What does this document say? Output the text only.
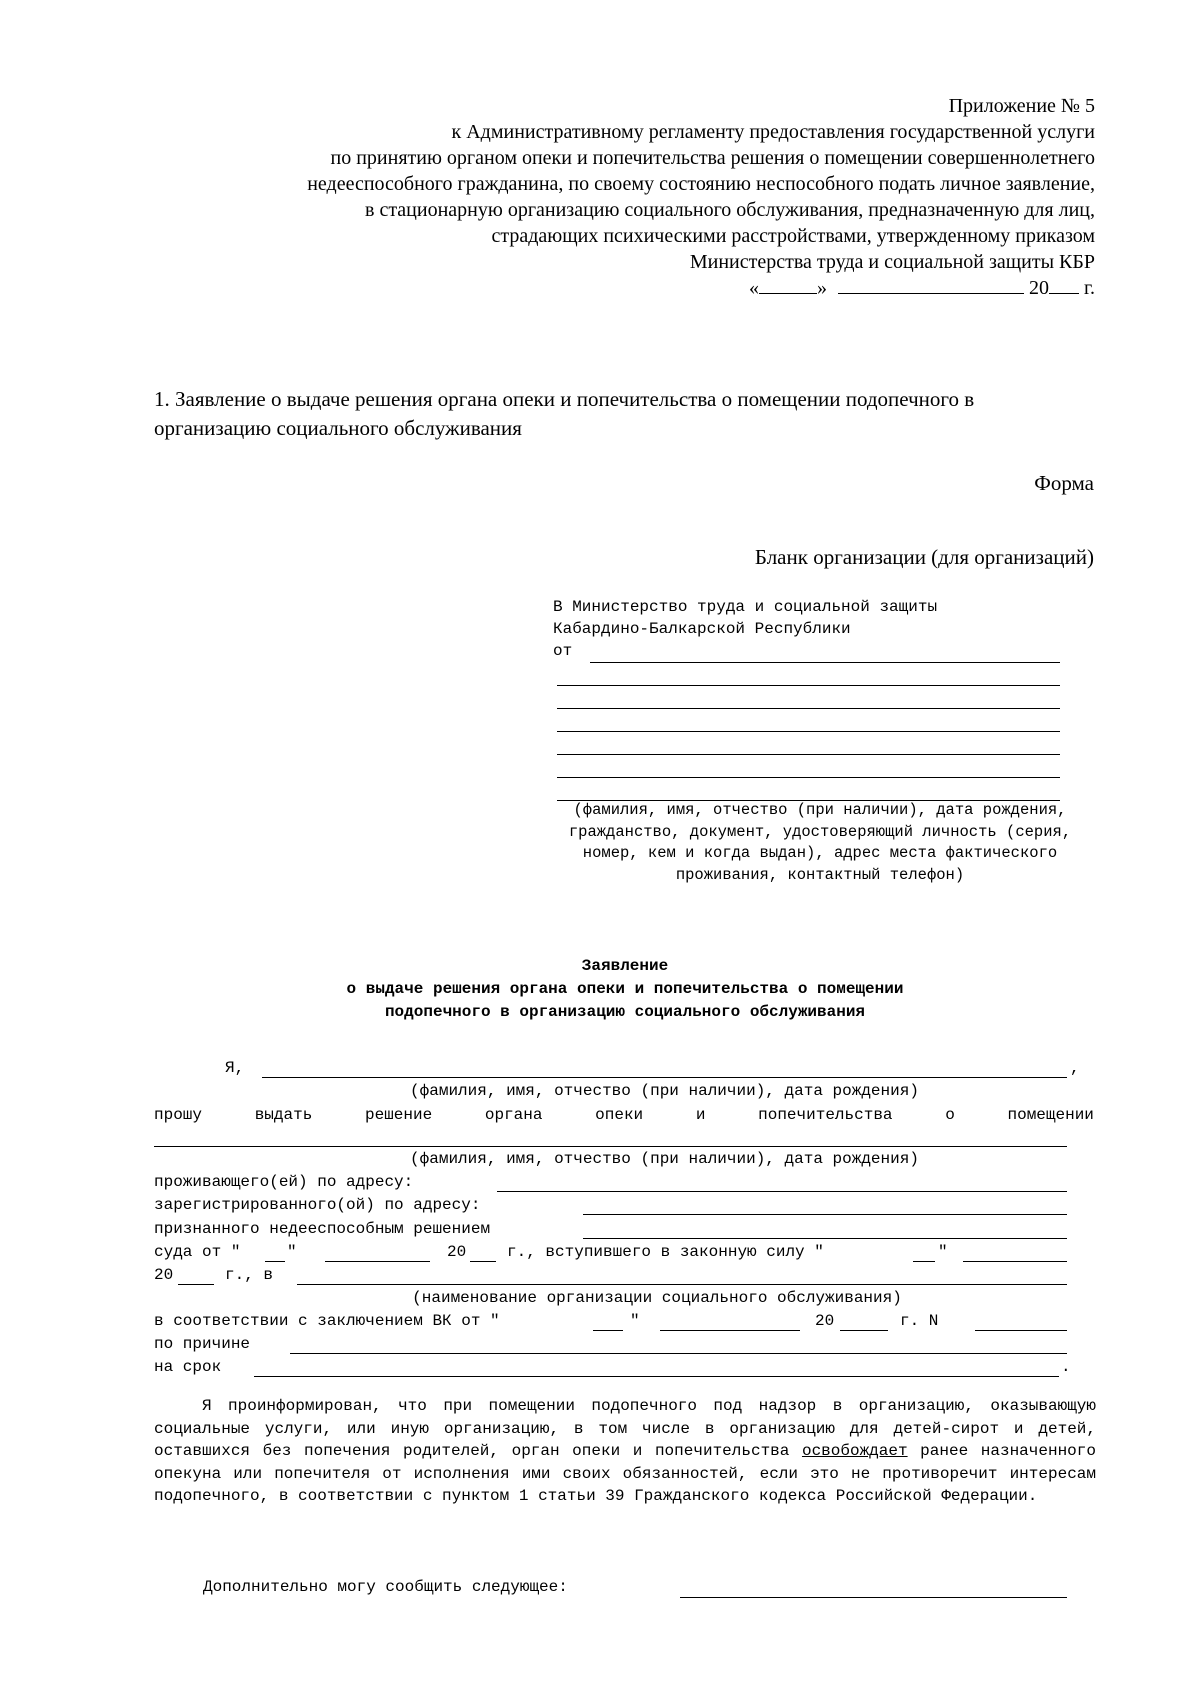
Приложение № 5
к Административному регламенту предоставления государственной услуги
по принятию органом опеки и попечительства решения о помещении совершеннолетнего
недееспособного гражданина, по своему состоянию неспособного подать личное заявление,
в стационарную организацию социального обслуживания, предназначенную для лиц,
страдающих психическими расстройствами, утвержденному приказом
Министерства труда и социальной защиты КБР
«	»	20 г.
1. Заявление о выдаче решения органа опеки и попечительства о помещении подопечного в организацию социального обслуживания
Форма
Бланк организации (для организаций)
В Министерство труда и социальной защиты
Кабардино-Балкарской Республики
от
(фамилия, имя, отчество (при наличии), дата рождения, гражданство, документ, удостоверяющий личность (серия, номер, кем и когда выдан), адрес места фактического проживания, контактный телефон)
Заявление
о выдаче решения органа опеки и попечительства о помещении
подопечного в организацию социального обслуживания
Я,	,
(фамилия, имя, отчество (при наличии), дата рождения)
прошу	выдать	решение	органа	опеки	и	попечительства	о	помещении
(фамилия, имя, отчество (при наличии), дата рождения)
проживающего(ей) по адресу:
зарегистрированного(ой) по адресу:
признанного недееспособным решением
суда от "	"	20	г., вступившего в законную силу "	"
20	г., в
(наименование организации социального обслуживания)
в соответствии с заключением ВК от "	"	20	г. N
по причине
на срок	.
Я проинформирован, что при помещении подопечного под надзор в организацию, оказывающую социальные услуги, или иную организацию, в том числе в организацию для детей-сирот и детей, оставшихся без попечения родителей, орган опеки и попечительства освобождает ранее назначенного опекуна или попечителя от исполнения ими своих обязанностей, если это не противоречит интересам подопечного, в соответствии с пунктом 1 статьи 39 Гражданского кодекса Российской Федерации.
Дополнительно могу сообщить следующее:
